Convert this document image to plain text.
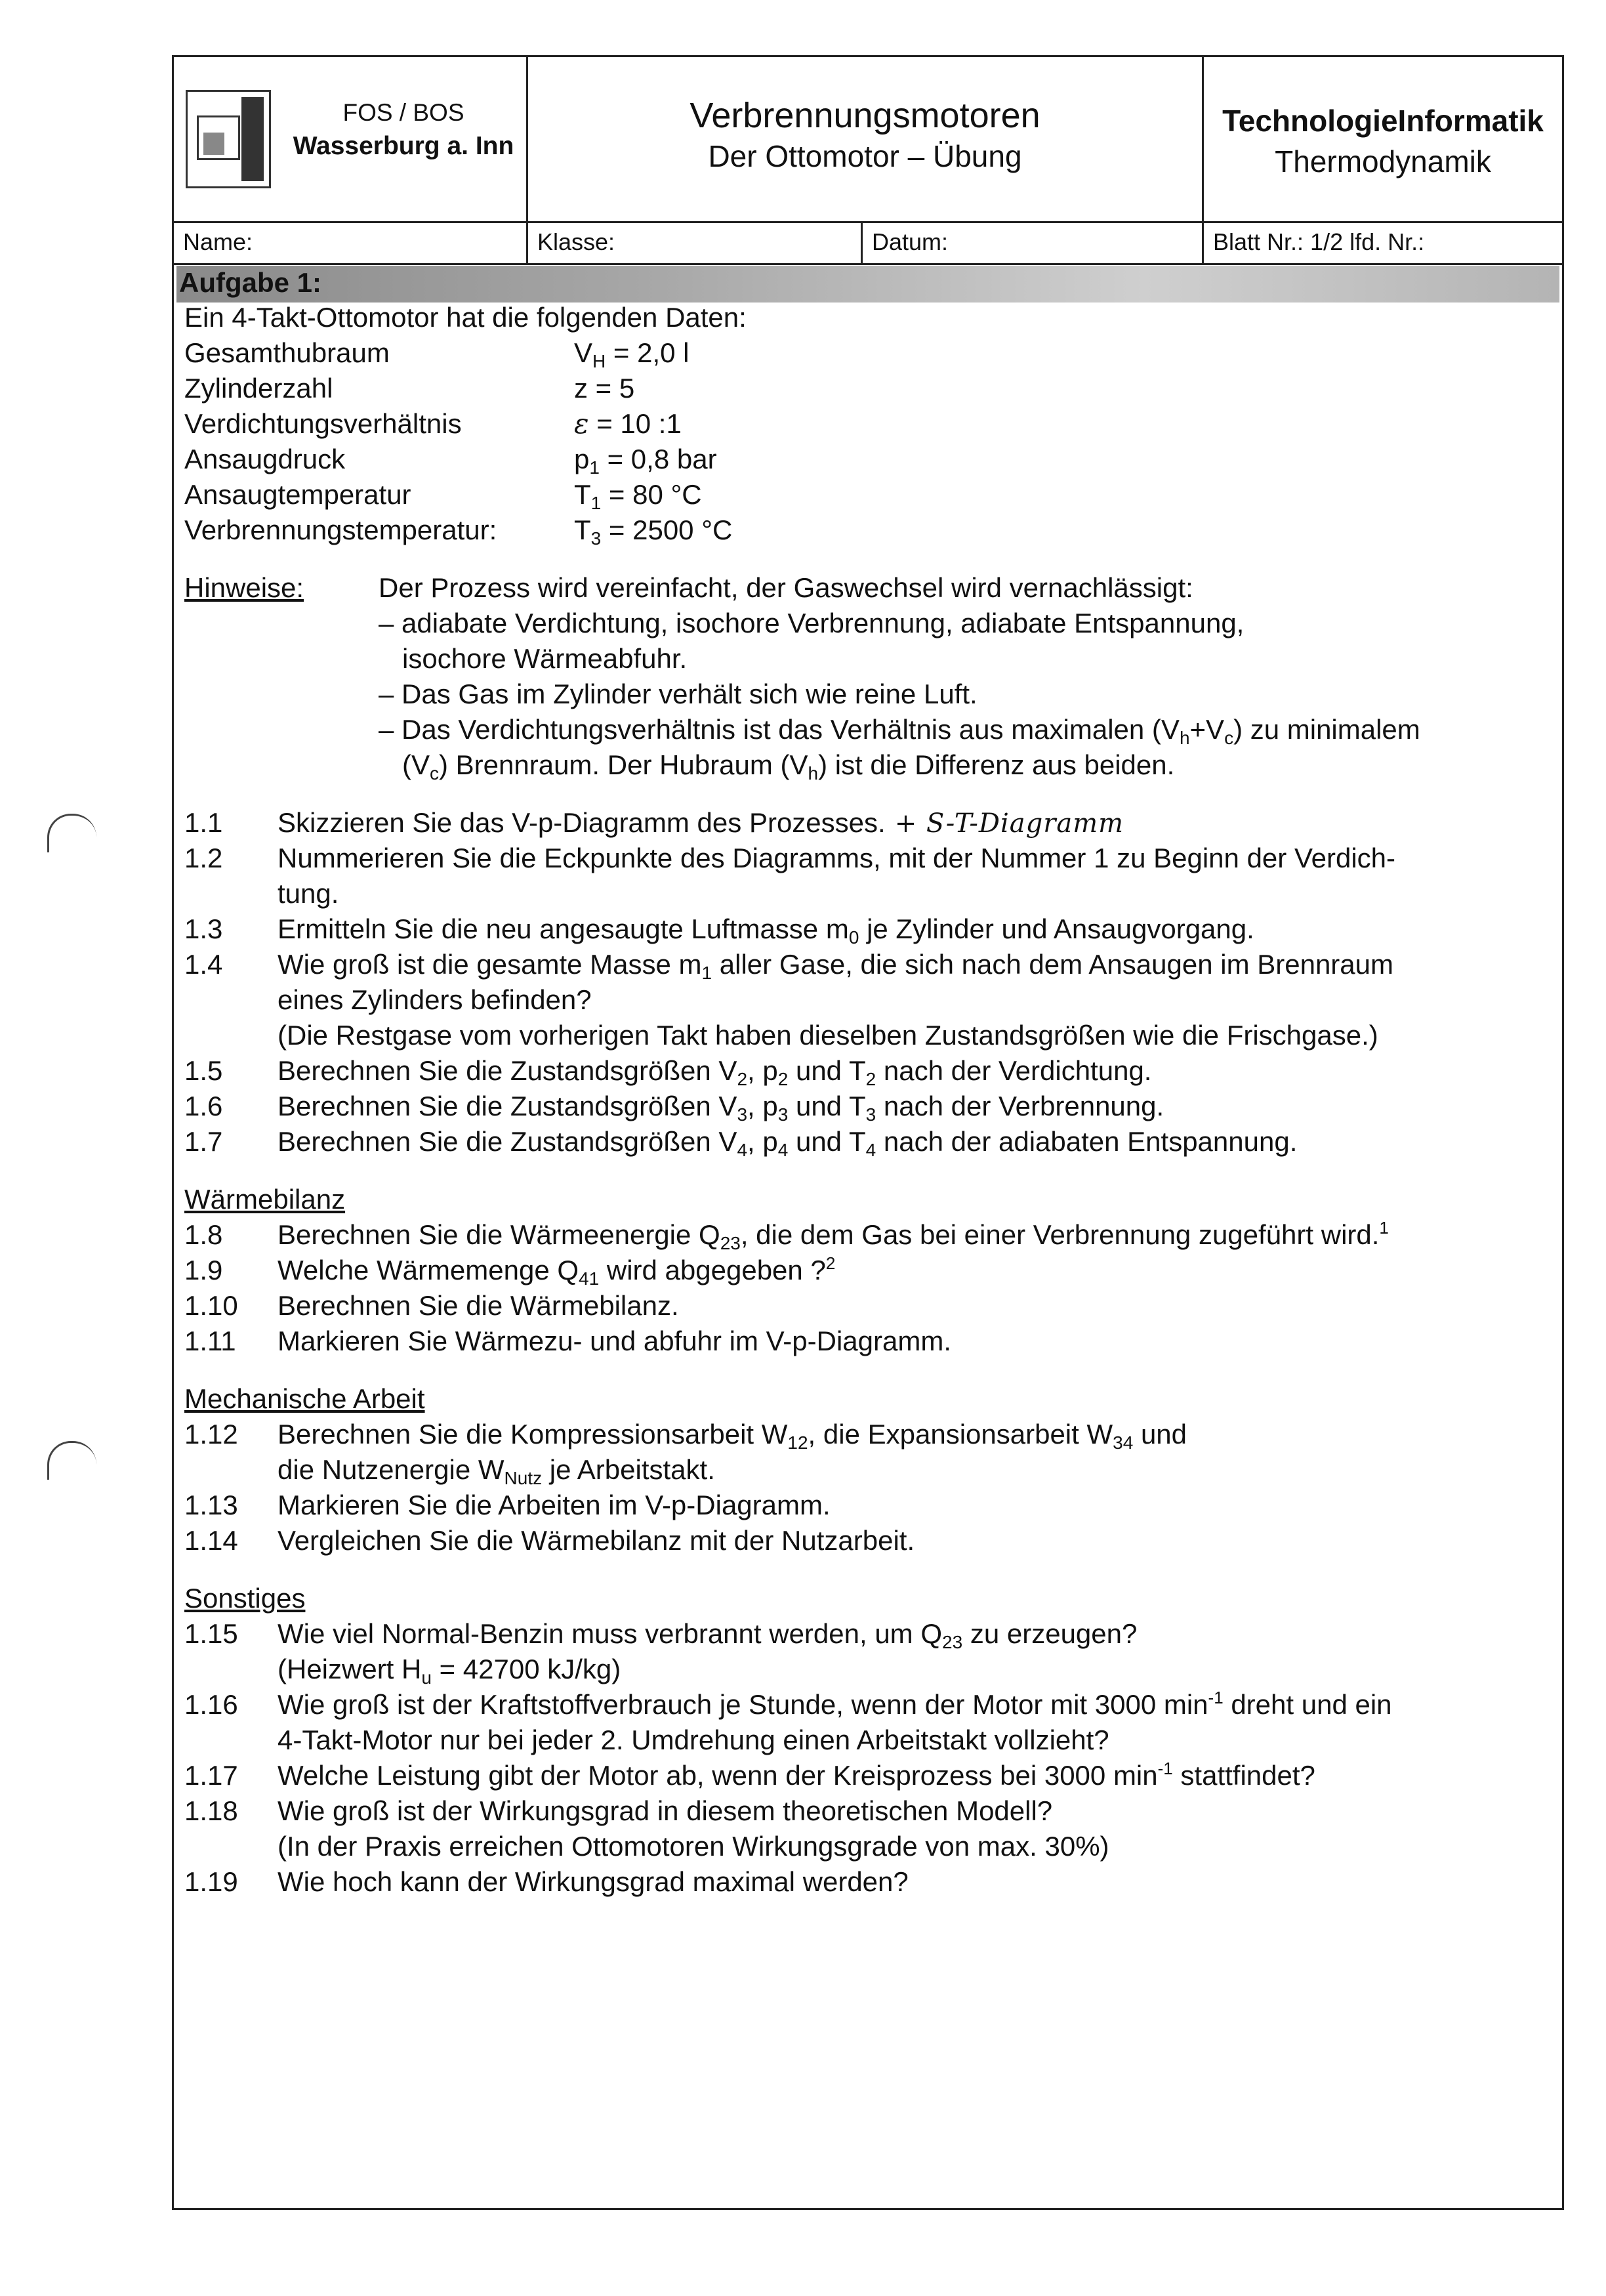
FOS / BOS
Wasserburg a. Inn
Verbrennungsmotoren
Der Ottomotor – Übung
TechnologieInformatik
Thermodynamik
Name:	Klasse:	Datum:	Blatt Nr.: 1/2 lfd. Nr.:
Aufgabe 1:
Ein 4-Takt-Ottomotor hat die folgenden Daten:
Gesamthubraum	$V_H = 2,0$ l
Zylinderzahl	z = 5
Verdichtungsverhältnis	ε = 10 :1
Ansaugdruck	$p_1 = 0,8$ bar
Ansaugtemperatur	$T_1 = 80$ °C
Verbrennungstemperatur:	$T_3 = 2500$ °C
Hinweise:	Der Prozess wird vereinfacht, der Gaswechsel wird vernachlässigt:
– adiabate Verdichtung, isochore Verbrennung, adiabate Entspannung,
isochore Wärmeabfuhr.
– Das Gas im Zylinder verhält sich wie reine Luft.
– Das Verdichtungsverhältnis ist das Verhältnis aus maximalen $(V_h+V_c)$ zu minimalem
$(V_c)$ Brennraum. Der Hubraum $(V_h)$ ist die Differenz aus beiden.
1.1 Skizzieren Sie das V-p-Diagramm des Prozesses. + S-T-Diagramm
1.2 Nummerieren Sie die Eckpunkte des Diagramms, mit der Nummer 1 zu Beginn der Verdich-
tung.
1.3 Ermitteln Sie die neu angesaugte Luftmasse $m_0$ je Zylinder und Ansaugvorgang.
1.4 Wie groß ist die gesamte Masse $m_1$ aller Gase, die sich nach dem Ansaugen im Brennraum
eines Zylinders befinden?
(Die Restgase vom vorherigen Takt haben dieselben Zustandsgrößen wie die Frischgase.)
1.5 Berechnen Sie die Zustandsgrößen $V_2$, $p_2$ und $T_2$ nach der Verdichtung.
1.6 Berechnen Sie die Zustandsgrößen $V_3$, $p_3$ und $T_3$ nach der Verbrennung.
1.7 Berechnen Sie die Zustandsgrößen $V_4$, $p_4$ und $T_4$ nach der adiabaten Entspannung.
Wärmebilanz
1.8 Berechnen Sie die Wärmeenergie $Q_{23}$, die dem Gas bei einer Verbrennung zugeführt wird.$^1$
1.9 Welche Wärmemenge $Q_{41}$ wird abgegeben ?$^2$
1.10 Berechnen Sie die Wärmebilanz.
1.11 Markieren Sie Wärmezu- und abfuhr im V-p-Diagramm.
Mechanische Arbeit
1.12 Berechnen Sie die Kompressionsarbeit $W_{12}$, die Expansionsarbeit $W_{34}$ und
die Nutzenergie $W_{Nutz}$ je Arbeitstakt.
1.13 Markieren Sie die Arbeiten im V-p-Diagramm.
1.14 Vergleichen Sie die Wärmebilanz mit der Nutzarbeit.
Sonstiges
1.15 Wie viel Normal-Benzin muss verbrannt werden, um $Q_{23}$ zu erzeugen?
(Heizwert $H_u = 42700$ kJ/kg)
1.16 Wie groß ist der Kraftstoffverbrauch je Stunde, wenn der Motor mit 3000 $\min^{-1}$ dreht und ein
4-Takt-Motor nur bei jeder 2. Umdrehung einen Arbeitstakt vollzieht?
1.17 Welche Leistung gibt der Motor ab, wenn der Kreisprozess bei 3000 $\min^{-1}$ stattfindet?
1.18 Wie groß ist der Wirkungsgrad in diesem theoretischen Modell?
(In der Praxis erreichen Ottomotoren Wirkungsgrade von max. 30%)
1.19 Wie hoch kann der Wirkungsgrad maximal werden?
